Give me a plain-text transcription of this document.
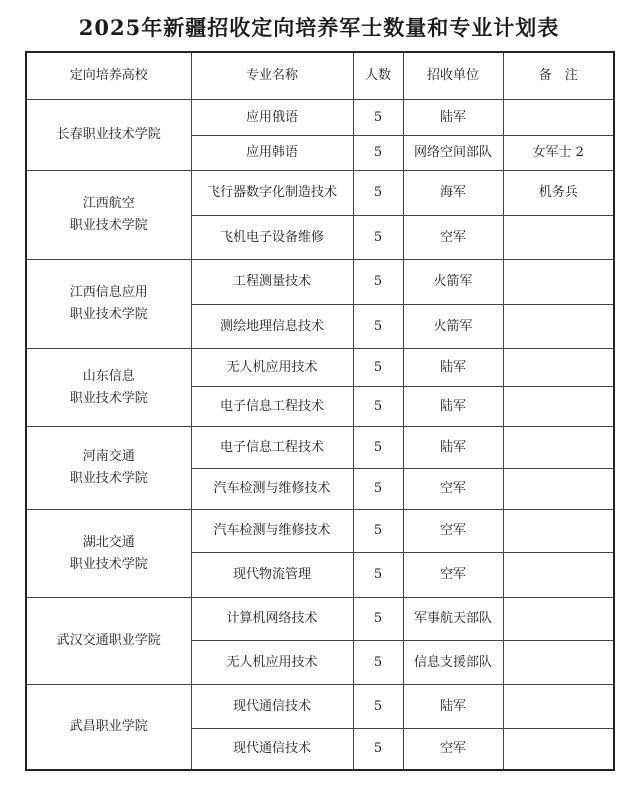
2025年新疆招收定向培养军士数量和专业计划表
定向培养高校	专业名称	人数	招收单位	备　注

长春职业技术学院	应用俄语	5	陆军	
	应用韩语	5	网络空间部队	女军士 2

江西航空
职业技术学院	飞行器数字化制造技术	5	海军	机务兵
	飞机电子设备维修	5	空军	

江西信息应用
职业技术学院	工程测量技术	5	火箭军	
	测绘地理信息技术	5	火箭军	

山东信息
职业技术学院	无人机应用技术	5	陆军	
	电子信息工程技术	5	陆军	

河南交通
职业技术学院	电子信息工程技术	5	陆军	
	汽车检测与维修技术	5	空军	

湖北交通
职业技术学院	汽车检测与维修技术	5	空军	
	现代物流管理	5	空军	

武汉交通职业学院	计算机网络技术	5	军事航天部队	
	无人机应用技术	5	信息支援部队	

武昌职业学院	现代通信技术	5	陆军	
	现代通信技术	5	空军	
